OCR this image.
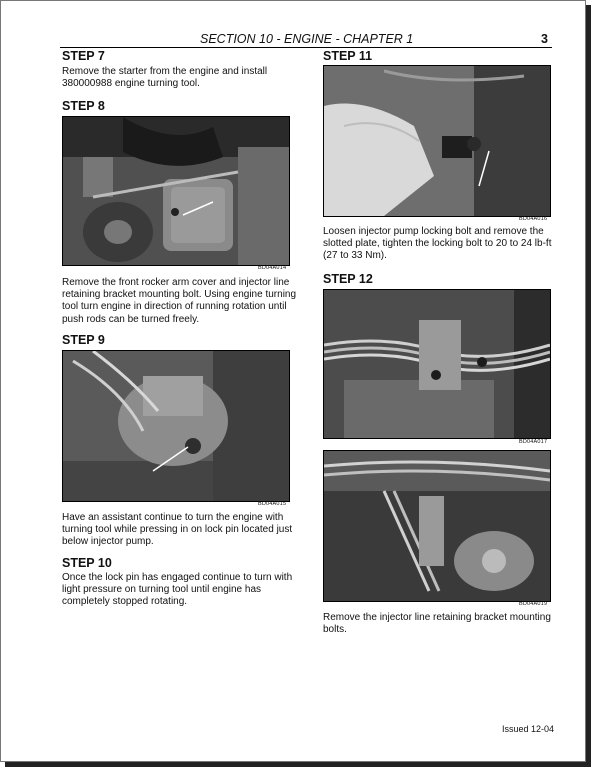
SECTION 10 - ENGINE - CHAPTER 1	3
STEP 7
Remove the starter from the engine and install
380000988 engine turning tool.
STEP 8
BD04A014
Remove the front rocker arm cover and injector line
retaining bracket mounting bolt. Using engine turning
tool turn engine in direction of running rotation until
push rods can be turned freely.
STEP 9
BD04A015
Have an assistant continue to turn the engine with
turning tool while pressing in on lock pin located just
below injector pump.
STEP 10
Once the lock pin has engaged continue to turn with
light pressure on turning tool until engine has
completely stopped rotating.
STEP 11
BD04A016
Loosen injector pump locking bolt and remove the
slotted plate, tighten the locking bolt to 20 to 24 lb-ft
(27 to 33 Nm).
STEP 12
BD04A017
BD04A019
Remove the injector line retaining bracket mounting
bolts.
Issued 12-04
